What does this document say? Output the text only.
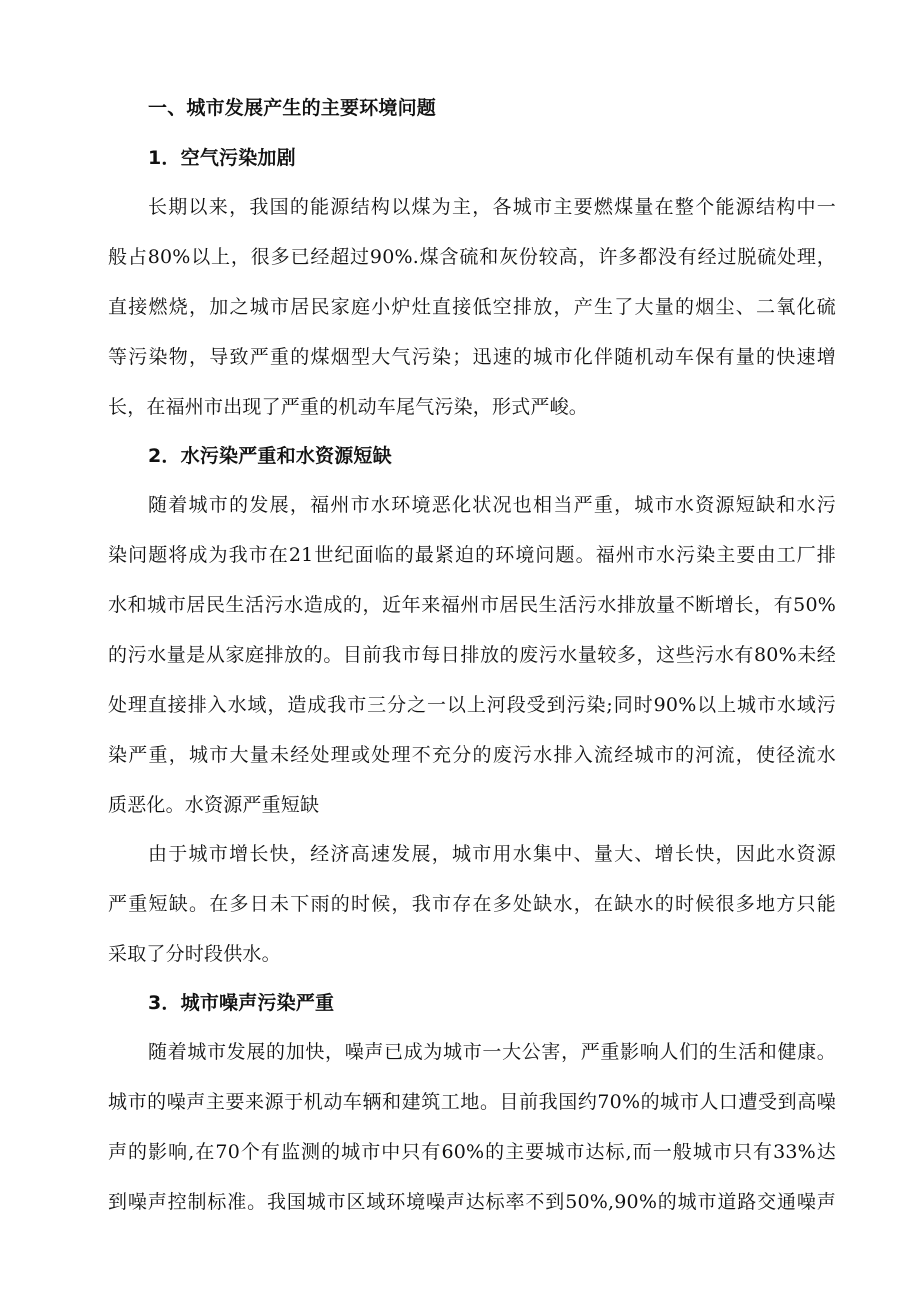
一、城市发展产生的主要环境问题
1．空气污染加剧
长期以来，我国的能源结构以煤为主，各城市主要燃煤量在整个能源结构中一
般占80%以上，很多已经超过90%.煤含硫和灰份较高，许多都没有经过脱硫处理，
直接燃烧，加之城市居民家庭小炉灶直接低空排放，产生了大量的烟尘、二氧化硫
等污染物，导致严重的煤烟型大气污染；迅速的城市化伴随机动车保有量的快速增
长，在福州市出现了严重的机动车尾气污染，形式严峻。
2．水污染严重和水资源短缺
随着城市的发展，福州市水环境恶化状况也相当严重，城市水资源短缺和水污
染问题将成为我市在21世纪面临的最紧迫的环境问题。福州市水污染主要由工厂排
水和城市居民生活污水造成的，近年来福州市居民生活污水排放量不断增长，有50%
的污水量是从家庭排放的。目前我市每日排放的废污水量较多，这些污水有80%未经
处理直接排入水域，造成我市三分之一以上河段受到污染;同时90%以上城市水域污
染严重，城市大量未经处理或处理不充分的废污水排入流经城市的河流，使径流水
质恶化。水资源严重短缺
由于城市增长快，经济高速发展，城市用水集中、量大、增长快，因此水资源
严重短缺。在多日未下雨的时候，我市存在多处缺水，在缺水的时候很多地方只能
采取了分时段供水。
3．城市噪声污染严重
随着城市发展的加快，噪声已成为城市一大公害，严重影响人们的生活和健康。
城市的噪声主要来源于机动车辆和建筑工地。目前我国约70%的城市人口遭受到高噪
声的影响,在70个有监测的城市中只有60%的主要城市达标,而一般城市只有33%达
到噪声控制标准。我国城市区域环境噪声达标率不到50%,90%的城市道路交通噪声
